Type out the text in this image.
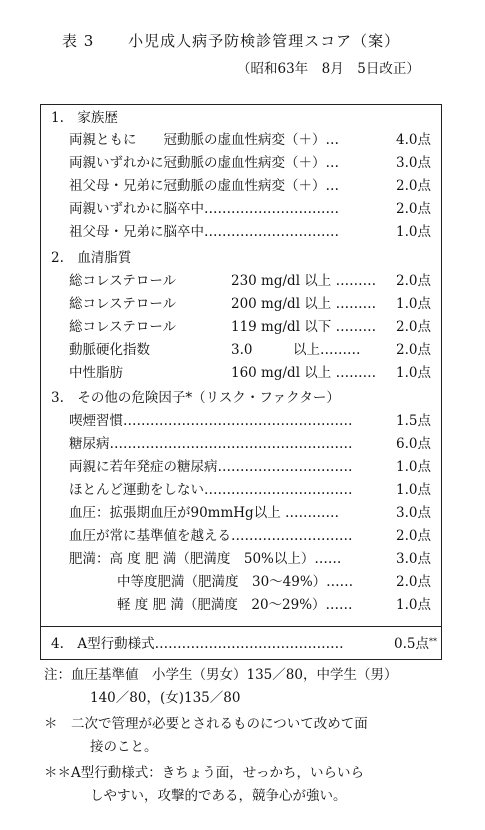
表 3 小児成人病予防検診管理スコア（案）
（昭和63年　8月　5日改正）
1.　家族歴
両親ともに　　冠動脈の虚血性病変（＋）…	4.0点
両親いずれかに冠動脈の虚血性病変（＋）…	3.0点
祖父母・兄弟に冠動脈の虚血性病変（＋）…	2.0点
両親いずれかに脳卒中…………………………	2.0点
祖父母・兄弟に脳卒中…………………………	1.0点
2.　血清脂質
総コレステロール	230 mg/dl 以上 ……… 2.0点
総コレステロール	200 mg/dl 以上 ……… 1.0点
総コレステロール	119 mg/dl 以下 ……… 2.0点
動脈硬化指数	3.0　　　以上………	2.0点
中性脂肪	160 mg/dl 以上 ……… 1.0点
3.　その他の危険因子*（リスク・ファクター）
喫煙習慣……………………………………………	1.5点
糖尿病………………………………………………	6.0点
両親に若年発症の糖尿病…………………………	1.0点
ほとんど運動をしない……………………………	1.0点
血圧：拡張期血圧が90mmHg以上 …………	3.0点
血圧が常に基準値を越える………………………	2.0点
肥満：高 度 肥 満（肥満度　50%以上）……	3.0点
中等度肥満（肥満度　30〜49%）……	2.0点
軽 度 肥 満（肥満度　20〜29%）……	1.0点
4.　A型行動様式……………………………………	0.5点**
注：血圧基準値　小学生（男女）135／80，中学生（男）
140／80，(女)135／80
＊　二次で管理が必要とされるものについて改めて面
接のこと。
＊＊A型行動様式：きちょう面，せっかち，いらいら
しやすい，攻撃的である，競争心が強い。
